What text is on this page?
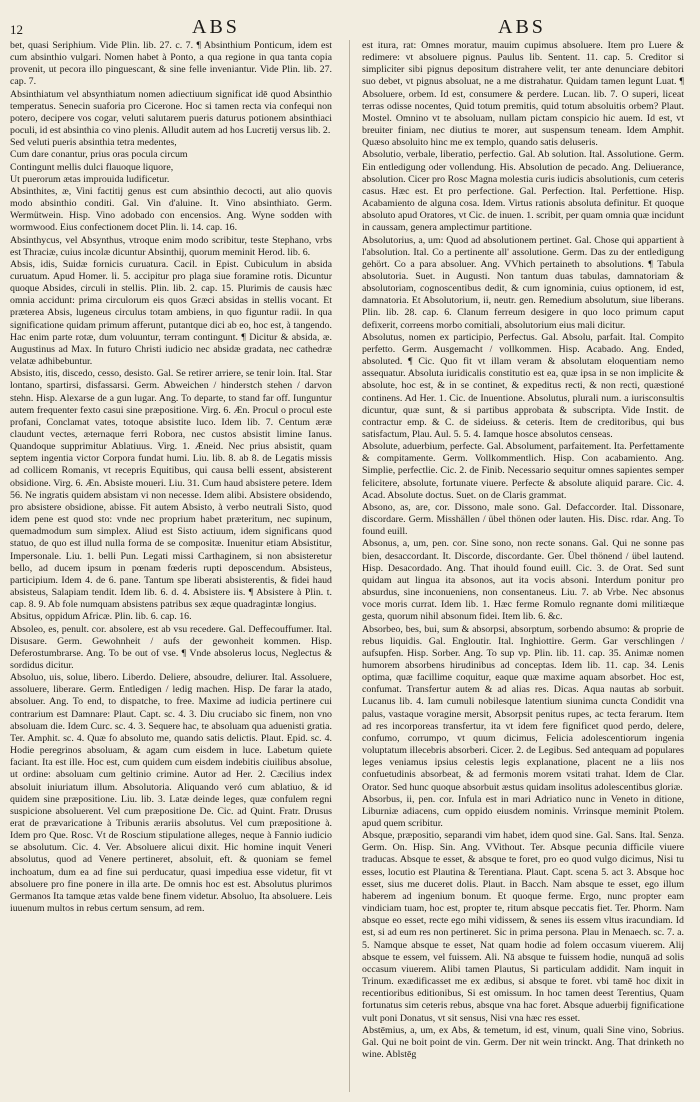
12	ABS	ABS

bet, quasi Seriphium. Vide Plin. lib. 27. c. 7. ¶ Absinthium Ponticum, idem est cum absinthio vulgari. Nomen habet à Ponto, a qua regione in qua tanta copia provenit, ut pecora illo pinguescant, & sine felle inveniantur. Vide Plin. lib. 27. cap. 7.

Absinthiatum vel absynthiatum nomen adiectiuum significat idē quod Absinthio temperatus. Senecin suaforia pro Cicerone. Hoc si tamen recta via confequi non potero, decipere vos cogar, veluti salutarem pueris daturus potionem absinthiaci poculi, id est absinthia co vino plenis. Alludit autem ad hos Lucretij versus lib. 2.

Sed veluti pueris absinthia tetra medentes,

Cum dare conantur, prius oras pocula circum

Contingunt mellis dulci flauoque liquore,

Ut puerorum ætas improuida ludificetur.

Absinthites, æ, Vini factitij genus est cum absinthio decocti, aut alio quovis modo absinthio conditi. Gal. Vin d'aluine. It. Vino absinthiato. Germ. Wermütwein. Hisp. Vino adobado con encensios. Ang. Wyne sodden with wormwood. Eius confectionem docet Plin. li. 14. cap. 16.

Absinthycus, vel Absynthus, vtroque enim modo scribitur, teste Stephano, vrbs est Thraciæ, cuius incolæ dicuntur Absinthij, quorum meminit Herod. lib. 6.

Absis, idis, Suidæ fornicis curuatura. Cacil. in Epist. Cubiculum in absida curuatum. Apud Homer. li. 5. accipitur pro plaga siue foramine rotis. Dicuntur quoque Absides, circuli in stellis. Plin. lib. 2. cap. 15. Plurimis de causis hæc omnia accidunt: prima circulorum eis quos Græci absidas in stellis vocant. Et præterea Absis, lugeneus circulus totam ambiens, in quo figuntur radii. In qua significatione quidam primum afferunt, putantque dici ab eo, hoc est, à tangendo. Hac enim parte rotæ, dum voluuntur, terram contingunt. ¶ Dicitur & absida, æ. Augustinus ad Max. In futuro Christi iudicio nec absidæ gradata, nec cathedræ velatæ adhibebuntur.

Absisto, itis, discedo, cesso, desisto. Gal. Se retirer arriere, se tenir loin. Ital. Star lontano, spartirsi, disfassarsi. Germ. Abweichen / hinderstch stehen / darvon stehn. Hisp. Alexarse de a gun lugar. Ang. To departe, to stand far off. Iunguntur autem frequenter fexto casui sine præpositione. Virg. 6. Æn. Procul o procul este profani, Conclamat vates, totoque absistite luco. Idem lib. 7. Centum æræ claudunt vectes, æternaque ferri Robora, nec custos absistit limine Ianus. Quandoque supprimitur Ablatiuus. Virg. 1. Æneid. Nec prius absistit, quam septem ingentia victor Corpora fundat humi. Liu. lib. 8. ab 8. de Legatis missis ad collicem Romanis, vt recepris Equitibus, qui causa belli essent, absisterent obsidione. Virg. 6. Æn. Absiste moueri. Liu. 31. Cum haud absistere petere. Idem 56. Ne ingratis quidem absistam vi non necesse. Idem alibi. Absistere obsidendo, pro absistere obsidione, abisse. Fit autem Absisto, à verbo neutrali Sisto, quod idem pene est quod sto: vnde nec proprium habet præteritum, nec supinum, quemadmodum sum simplex. Aliud est Sisto actiuum, idem significans quod statuo, de quo est illud nulla forma de se compositæ. Inuenitur etiam Absistitur, Impersonale. Liu. 1. belli Pun. Legati missi Carthaginem, si non absisteretur bello, ad ducem ipsum in pœnam fœderis rupti deposcendum. Absisteus, participium. Idem 4. de 6. pane. Tantum spe liberati absisterentis, & fidei haud absisteus, Salapiam tendit. Idem lib. 6. d. 4. Absistere iis. ¶ Absistere à Plin. t. cap. 8. 9. Ab fole numquam absistens patribus sex æque quadragintæ longius.

Absitus, oppidum Africæ. Plin. lib. 6. cap. 16.

Absoleo, es, penult. cor. absolere, est ab vsu recedere. Gal. Deffecouffumer. Ital. Disusare. Germ. Gewohnheit / aufs der gewonheit kommen. Hisp. Deferostumbrarse. Ang. To be out of vse. ¶ Vnde absolerus locus, Neglectus & sordidus dicitur.

Absoluo, uis, solue, libero. Liberdo. Deliere, absoudre, deliurer. Ital. Assoluere, assoluere, liberare. Germ. Entledigen / ledig machen. Hisp. De farar la atado, absoluer. Ang. To end, to dispatche, to free. Maxime ad iudicia pertinere cui contrarium est Damnare: Plaut. Capt. sc. 4. 3. Diu cruciabo sic finem, non vno absoluam die. Idem Curc. sc. 4. 3. Sequere hac, te absoluam qua aduenisti gratia. Ter. Amphit. sc. 4. Quæ fo absoluto me, quando satis delictis. Plaut. Epid. sc. 4. Hodie peregrinos absoluam, & agam cum eisdem in luce. Labetum quiete faciant. Ita est ille. Hoc est, cum quidem cum eisdem indebitis ciuilibus absolue, ut ordine: absoluam cum geltinio crimine. Autor ad Her. 2. Cæcilius index absoluit iniuriatum illum. Absolutoria. Aliquando veró cum ablatiuo, & id quidem sine præpositione. Liu. lib. 3. Latæ deinde leges, quæ confulem regni suspicione absoluerent. Vel cum præpositione De. Cic. ad Quint. Fratr. Drusus erat de prævaricatione à Tribunis ærariis absolutus. Vel cum præpositione à. Idem pro Que. Rosc. Vt de Roscium stipulatione alleges, neque à Fannio iudicio se absolutum. Cic. 4. Ver. Absoluere alicui dixit. Hic homine inquit Veneri absolutus, quod ad Venere pertineret, absoluit, eft. & quoniam se femel inchoatum, dum ea ad fine sui perducatur, quasi impediua esse videtur, fit vt absoluere pro fine ponere in illa arte. De omnis hoc est est. Absolutus plurimos Germanos Ita tamque ætas valde bene finem videtur. Absoluo, Ita absoluere. Leis iuuenum multos in rebus certum sensum, ad rem.

est itura, rat: Omnes moratur, mauim cupimus absoluere. Item pro Luere & redimere: vt absoluere pignus. Paulus lib. Sentent. 11. cap. 5. Creditor si simpliciter sibi pignus depositum distrahere velit, ter ante denunciare debitori suo debet, vt pignus absoluat, ne a me distrahatur. Quidam tamen legunt Luat. ¶ Absoluere, orbem. Id est, consumere & perdere. Lucan. lib. 7. O superi, liceat terras odisse nocentes, Quid totum premitis, quid totum absoluitis orbem? Plaut. Mostel. Omnino vt te absoluam, nullam pictam conspicio hic auem. Id est, vt breuiter finiam, nec diutius te morer, aut suspensum teneam. Idem Amphit. Quæso absoluito hinc me ex templo, quando satis deluseris.

Absolutio, verbale, liberatio, perfectio. Gal. Ab solution. Ital. Assolutione. Germ. Ein entledigung oder vollendung. His. Absolution de pecado. Ang. Deliuerance, absolution. Cicer pro Rosc Magna molestia curis iudicis absolutionis, cum ceteris casus. Hæc est. Et pro perfectione. Gal. Perfection. Ital. Perfettione. Hisp. Acabamiento de alguna cosa. Idem. Virtus rationis absoluta definitur. Et quoque absoluto apud Oratores, vt Cic. de inuen. 1. scribit, per quam omnia quæ incidunt in caussam, genera amplectimur partitione.

Absolutorius, a, um: Quod ad absolutionem pertinet. Gal. Chose qui appartient à l'absolution. Ital. Co a pertinente all' assolutione. Germ. Das zu der entledigung gehört. Co a para absoluer. Ang. VVhich pertaineth to absolutions. ¶ Tabula absolutoria. Suet. in Augusti. Non tantum duas tabulas, damnatoriam & absolutoriam, cognoscentibus dedit, & cum ignominia, cuius optionem, id est, damnatoria. Et Absolutorium, ii, neutr. gen. Remedium absolutum, siue liberans. Plin. lib. 28. cap. 6. Clanum ferreum desigere in quo loco primum caput defixerit, correens morbo comitiali, absolutorium eius mali dicitur.

Absolutus, nomen ex participio, Perfectus. Gal. Absolu, parfait. Ital. Compito perfetto. Germ. Ausgemacht / vollkommen. Hisp. Acabado. Ang. Ended, absoluted. ¶ Cic. Quo fit vt illam veram & absolutam eloquentiam nemo assequatur. Absoluta iuridicalis constitutio est ea, quæ ipsa in se non implicite & absolute, hoc est, & in se continet, & expeditus recti, & non recti, quæstioné continens. Ad Her. 1. Cic. de Inuentione. Absolutus, plurali num. a iurisconsultis dicuntur, quæ sunt, & si partibus approbata & subscripta. Vide Instit. de contractur emp. & C. de sideiuss. & ceteris. Item de creditoribus, qui bus satisfactum, Plau. Aul. 5. 5. 4. Iamque hosce absolutos censeas.

Absolute, aduerbium, perfecte. Gal. Absolument, parfaitement. Ita. Perfettamente & compitamente. Germ. Vollkommentlich. Hisp. Con acabamiento. Ang. Simplie, perfectlie. Cic. 2. de Finib. Necessario sequitur omnes sapientes semper felicitere, absolute, fortunate viuere. Perfecte & absolute aliquid parare. Cic. 4. Acad. Absolute doctus. Suet. on de Claris grammat.

Absono, as, are, cor. Dissono, male sono. Gal. Defaccorder. Ital. Dissonare, discordare. Germ. Misshällen / übel thönen oder lauten. His. Disc. rdar. Ang. To found euill.

Absonus, a, um, pen. cor. Sine sono, non recte sonans. Gal. Qui ne sonne pas bien, desaccordant. It. Discorde, discordante. Ger. Übel thönend / übel lautend. Hisp. Desacordado. Ang. That ihould found euill. Cic. 3. de Orat. Sed sunt quidam aut lingua ita absonos, aut ita vocis absoni. Interdum ponitur pro absurdus, sine inconueniens, non consentaneus. Liu. 7. ab Vrbe. Nec absonus voce moris currat. Idem lib. 1. Hæc ferme Romulo regnante domi militiæque gesta, quorum nihil absonum fidei. Item lib. 6. &c.

Absorbeo, bes, bui, sum & absorpsi, absorptum, sorbendo absumo: & proprie de rebus liquidis. Gal. Engloutir. Ital. Inghiottire. Germ. Gar verschlingen / aufsupfen. Hisp. Sorber. Ang. To sup vp. Plin. lib. 11. cap. 35. Animæ nomen humorem absorbens hirudinibus ad conceptas. Idem lib. 11. cap. 34. Lenis optima, quæ facillime coquitur, eaque quæ maxime aquam absorbet. Hoc est, confumat. Transfertur autem & ad alias res. Dicas. Aqua nautas ab sorbuit. Lucanus lib. 4. Iam cumuli nobilesque latentium siunima cuncta Condidit vna palus, vastaque voragine mersit, Absorpsit penitus rupes, ac tecta ferarum. Item ad res incorporeas transfertur, ita vt idem fere fignificet quod perdo, delere, confumo, corrumpo, vt quum dicimus, Felicia adolescentiorum ingenia voluptatum illecebris absorberi. Cicer. 2. de Legibus. Sed antequam ad populares leges veniamus ipsius celestis legis explanatione, placent ne a liis nos confuetudinis absorbeat, & ad fermonis morem vsitati trahat. Idem de Clar. Orator. Sed hunc quoque absorbuit æstus quidam insolitus adolescentibus gloriæ.

Absorbus, ii, pen. cor. Infula est in mari Adriatico nunc in Veneto in ditione, Liburniæ adiacens, cum oppido eiusdem nominis. Vrrinsque meminit Ptolem. apud quem scribitur.

Absque, præpositio, separandi vim habet, idem quod sine. Gal. Sans. Ital. Senza. Germ. On. Hisp. Sin. Ang. VVithout. Ter. Absque pecunia difficile viuere traducas. Absque te esset, & absque te foret, pro eo quod vulgo dicimus, Nisi tu esses, locutio est Plautina & Terentiana. Plaut. Capt. scena 5. act 3. Absque hoc esset, sius me duceret dolis. Plaut. in Bacch. Nam absque te esset, ego illum haberem ad ingenium bonum. Et quoque ferme. Ergo, nunc propter eam vindiciam tuam, hoc est, propter te, ritum absque peccatis fiet. Ter. Phorm. Nam absque eo esset, recte ego mihi vidissem, & senes iis essem vltus iracundiam. Id est, si ad eum res non pertineret. Sic in prima persona. Plau in Menaech. sc. 7. a. 5. Namque absque te esset, Nat quam hodie ad folem occasum viuerem. Alij absque te essem, vel fuissem. Ali. Nā absque te fuissem hodie, nunquā ad solis occasum viuerem. Alibi tamen Plautus, Si particulam addidit. Nam inquit in Trinum. exædificasset me ex ædibus, si absque te foret. vbi tamē hoc dixit in recentioribus editionibus, Si est omissum. In hoc tamen deest Terentius, Quam fortunatus sim ceteris rebus, absque vna hac foret. Absque aduerbij fignificatione vult poni Donatus, vt sit sensus, Nisi vna hæc res esset.

Abstēmius, a, um, ex Abs, & temetum, id est, vinum, quali Sine vino, Sobrius. Gal. Qui ne boit point de vin. Germ. Der nit wein trinckt. Ang. That drinketh no wine. Ablstēg
